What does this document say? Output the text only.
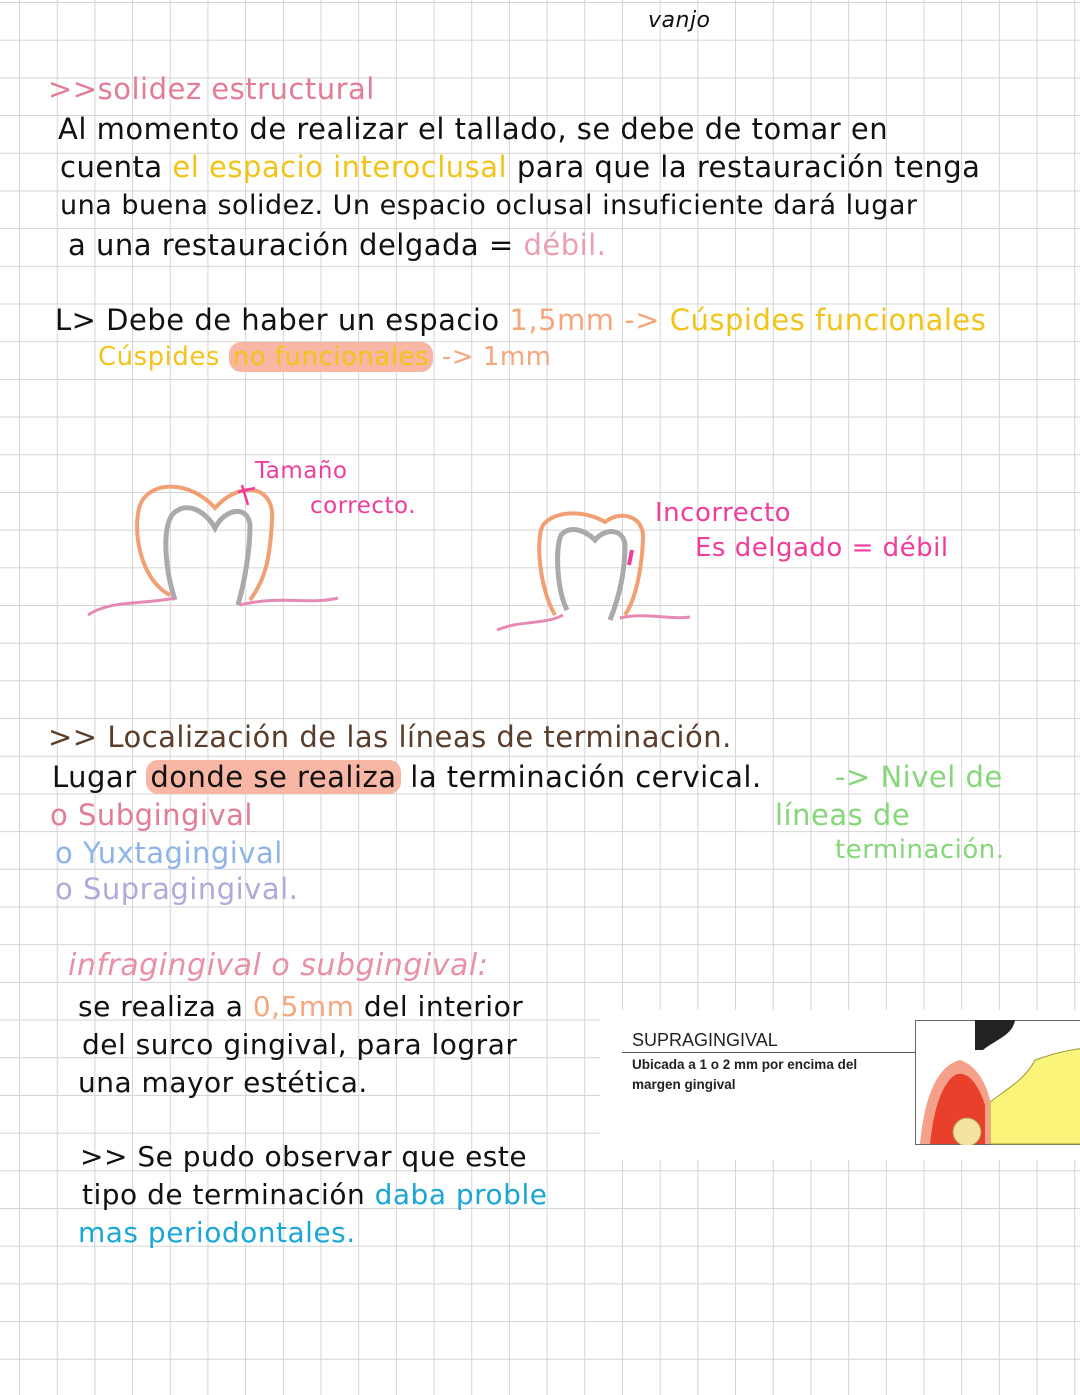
vanjo
>>solidez estructural
Al momento de realizar el tallado, se debe de tomar en
cuenta el espacio interoclusal para que la restauración tenga
una buena solidez. Un espacio oclusal insuficiente dará lugar
a una restauración delgada = débil.
L> Debe de haber un espacio 1,5mm -> Cúspides funcionales
Cúspides no funcionales -> 1mm
Tamaño
correcto.	Incorrecto
Es delgado = débil
>> Localización de las líneas de terminación.
Lugar donde se realiza la terminación cervical.	-> Nivel de
líneas de
terminación.
o Subgingival
o Yuxtagingival
o Supragingival.
infragingival o subgingival:
se realiza a 0,5mm del interior
del surco gingival, para lograr
una mayor estética.
>> Se pudo observar que este
tipo de terminación daba proble
mas periodontales.
SUPRAGINGIVAL
Ubicada a 1 o 2 mm por encima del margen gingival
